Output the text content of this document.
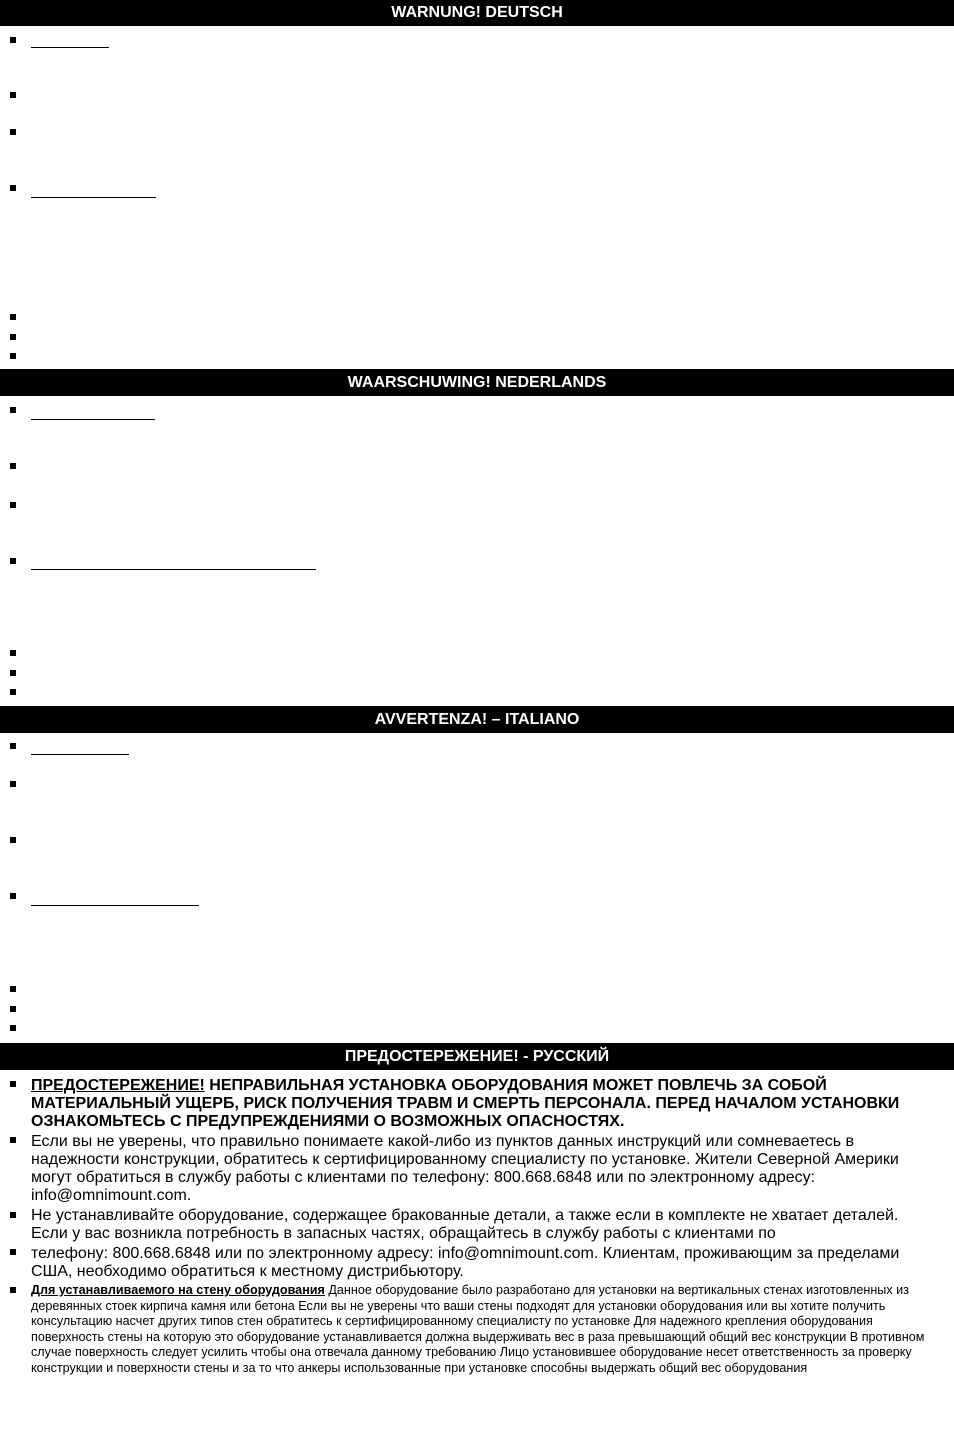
WARNUNG! DEUTSCH
WAARSCHUWING! NEDERLANDS
AVVERTENZA! – ITALIANO
ПРЕДОСТЕРЕЖЕНИЕ! - РУССКИЙ
ПРЕДОСТЕРЕЖЕНИЕ! НЕПРАВИЛЬНАЯ УСТАНОВКА ОБОРУДОВАНИЯ МОЖЕТ ПОВЛЕЧЬ ЗА СОБОЙ МАТЕРИАЛЬНЫЙ УЩЕРБ, РИСК ПОЛУЧЕНИЯ ТРАВМ И СМЕРТЬ ПЕРСОНАЛА. ПЕРЕД НАЧАЛОМ УСТАНОВКИ ОЗНАКОМЬТЕСЬ С ПРЕДУПРЕЖДЕНИЯМИ О ВОЗМОЖНЫХ ОПАСНОСТЯХ.
Если вы не уверены, что правильно понимаете какой-либо из пунктов данных инструкций или сомневаетесь в надежности конструкции, обратитесь к сертифицированному специалисту по установке. Жители Северной Америки могут обратиться в службу работы с клиентами по телефону: 800.668.6848 или по электронному адресу: info@omnimount.com.
Не устанавливайте оборудование, содержащее бракованные детали, а также если в комплекте не хватает деталей. Если у вас возникла потребность в запасных частях, обращайтесь в службу работы с клиентами по
телефону: 800.668.6848 или по электронному адресу: info@omnimount.com. Клиентам, проживающим за пределами США, необходимо обратиться к местному дистрибьютору.
Для устанавливаемого на стену оборудования Данное оборудование было разработано для установки на вертикальных стенах изготовленных из деревянных стоек кирпича камня или бетона Если вы не уверены что ваши стены подходят для установки оборудования или вы хотите получить консультацию насчет других типов стен обратитесь к сертифицированному специалисту по установке Для надежного крепления оборудования поверхность стены на которую это оборудование устанавливается должна выдерживать вес в раза превышающий общий вес конструкции В противном случае поверхность следует усилить чтобы она отвечала данному требованию Лицо установившее оборудование несет ответственность за проверку конструкции и поверхности стены и за то что анкеры использованные при установке способны выдержать общий вес оборудования
